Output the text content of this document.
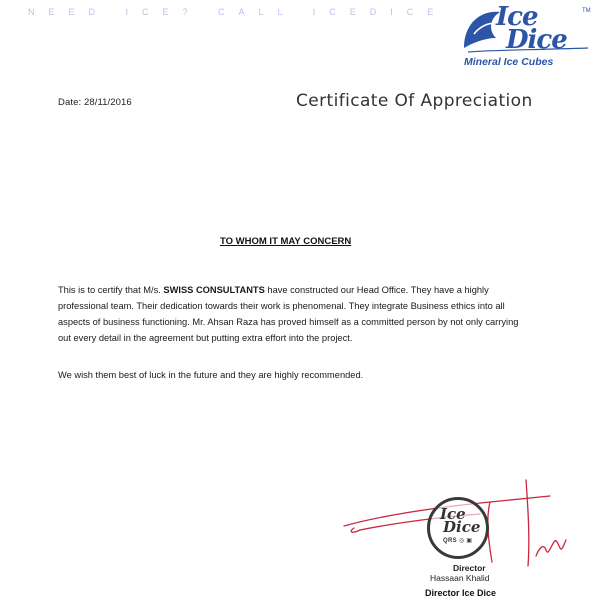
NEED ICE? CALL ICEDICE Ice
Dice
TM
Mineral Ice Cubes
Date: 28/11/2016	Certificate Of Appreciation
TO WHOM IT MAY CONCERN
This is to certify that M/s. SWISS CONSULTANTS have constructed our Head Office. They have a highly professional team. Their dedication towards their work is phenomenal. They integrate Business ethics into all aspects of business functioning. Mr. Ahsan Raza has proved himself as a committed person by not only carrying out every detail in the agreement but putting extra effort into the project.
We wish them best of luck in the future and they are highly recommended.
Ice
Dice
QRS ◎ ▣
Director
Hassaan Khalid
Director Ice Dice
